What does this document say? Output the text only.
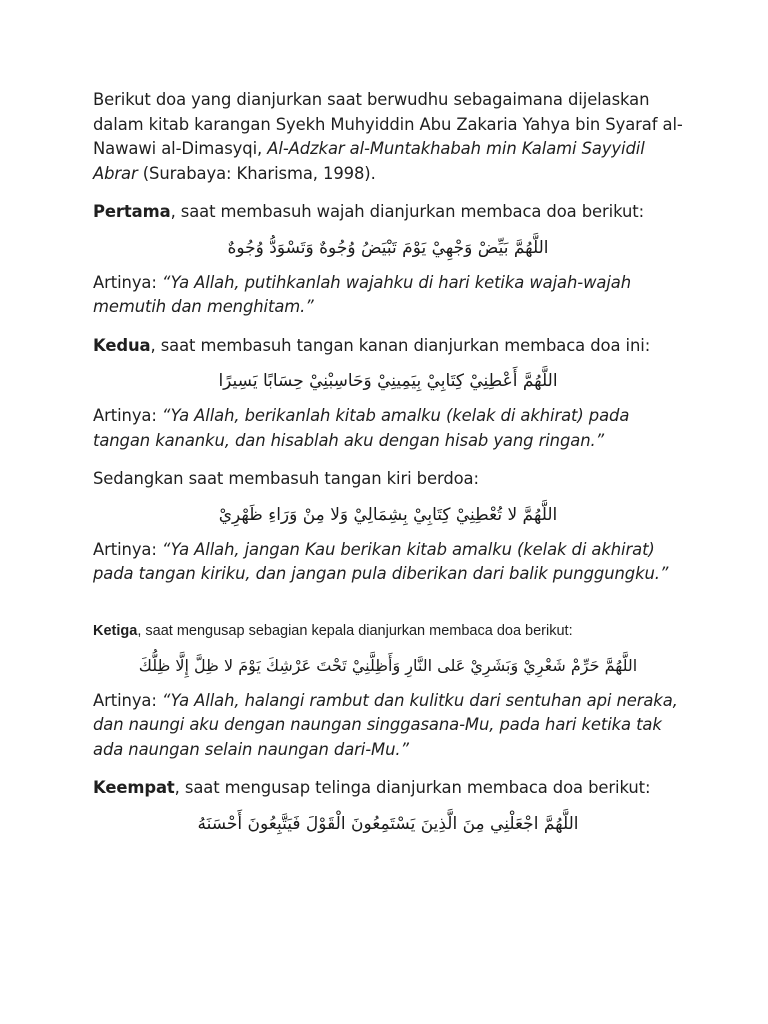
Berikut doa yang dianjurkan saat berwudhu sebagaimana dijelaskan dalam kitab karangan Syekh Muhyiddin Abu Zakaria Yahya bin Syaraf al-Nawawi al-Dimasyqi, Al-Adzkar al-Muntakhabah min Kalami Sayyidil Abrar (Surabaya: Kharisma, 1998).

Pertama, saat membasuh wajah dianjurkan membaca doa berikut:

اللَّهُمَّ بَيِّضْ وَجْهِيْ يَوْمَ تَبْيَضُ وُجُوهٌ وَتَسْوَدُّ وُجُوهٌ

Artinya: “Ya Allah, putihkanlah wajahku di hari ketika wajah-wajah memutih dan menghitam.”

Kedua, saat membasuh tangan kanan dianjurkan membaca doa ini:

اللَّهُمَّ أَعْطِنِيْ كِتَابِيْ بِيَمِينِيْ وَحَاسِبْنِيْ حِسَابًا يَسِيرًا

Artinya: “Ya Allah, berikanlah kitab amalku (kelak di akhirat) pada tangan kananku, dan hisablah aku dengan hisab yang ringan.”

Sedangkan saat membasuh tangan kiri berdoa:

اللَّهُمَّ لا تُعْطِنِيْ كِتَابِيْ بِشِمَالِيْ وَلا مِنْ وَرَاءِ ظَهْرِيْ

Artinya: “Ya Allah, jangan Kau berikan kitab amalku (kelak di akhirat) pada tangan kiriku, dan jangan pula diberikan dari balik punggungku.”

Ketiga, saat mengusap sebagian kepala dianjurkan membaca doa berikut:

اللَّهُمَّ حَرِّمْ شَعْرِيْ وَبَشَرِيْ عَلى النَّارِ وَأَظِلَّنِيْ تَحْتَ عَرْشِكَ يَوْمَ لا ظِلَّ إِلَّا ظِلُّكَ

Artinya: “Ya Allah, halangi rambut dan kulitku dari sentuhan api neraka, dan naungi aku dengan naungan singgasana-Mu, pada hari ketika tak ada naungan selain naungan dari-Mu.”

Keempat, saat mengusap telinga dianjurkan membaca doa berikut:

اللَّهُمَّ اجْعَلْنِي مِنَ الَّذِينَ يَسْتَمِعُونَ الْقَوْلَ فَيَتَّبِعُونَ أَحْسَنَهُ
